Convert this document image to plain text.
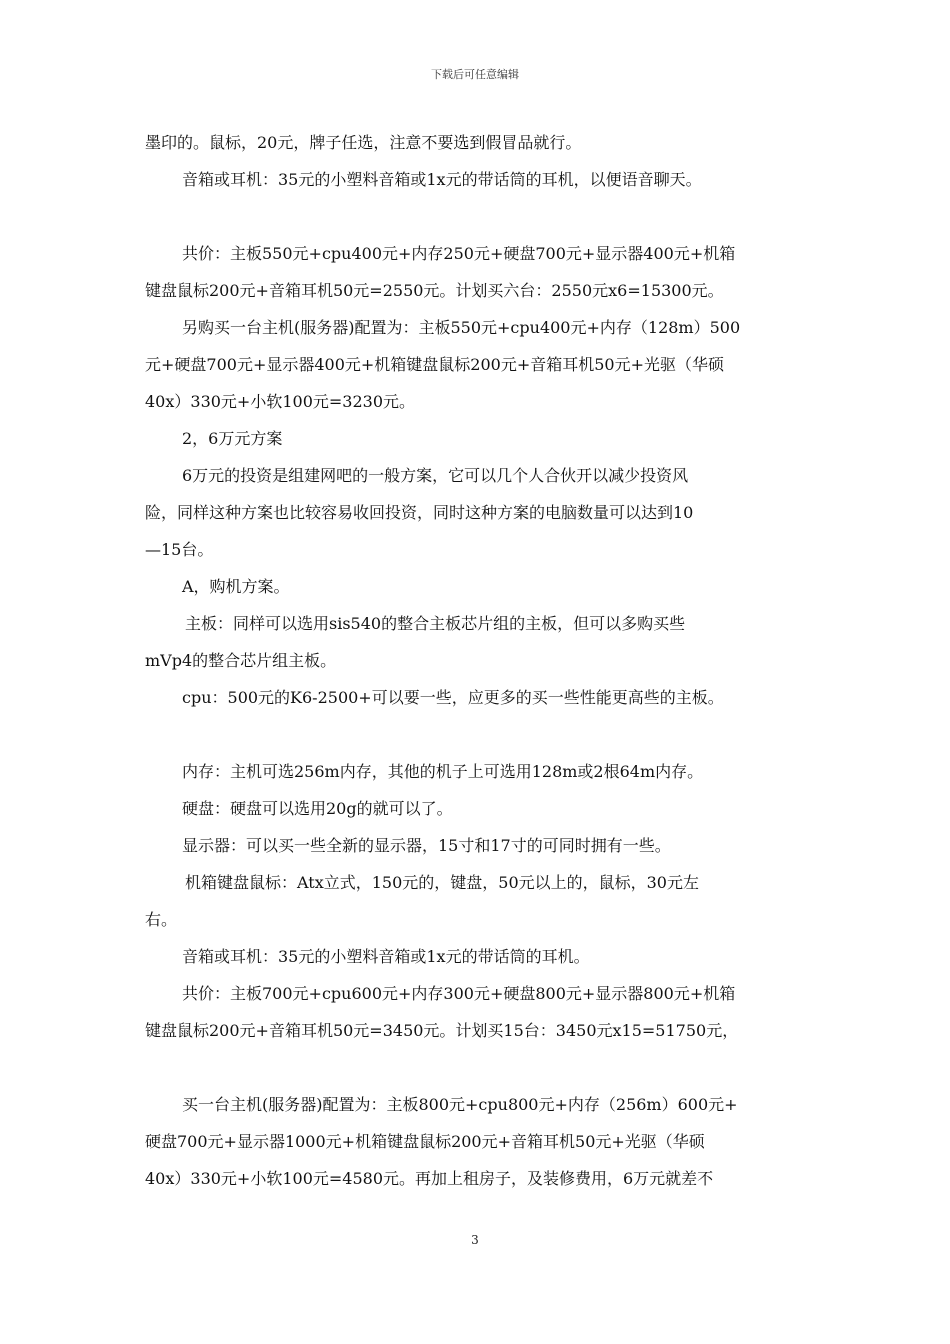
下载后可任意编辑
墨印的。鼠标，20元，牌子任选，注意不要选到假冒品就行。
音箱或耳机：35元的小塑料音箱或1x元的带话筒的耳机，以便语音聊天。
共价：主板550元+cpu400元+内存250元+硬盘700元+显示器400元+机箱
键盘鼠标200元+音箱耳机50元=2550元。计划买六台：2550元x6=15300元。
另购买一台主机(服务器)配置为：主板550元+cpu400元+内存（128m）500
元+硬盘700元+显示器400元+机箱键盘鼠标200元+音箱耳机50元+光驱（华硕
40x）330元+小软100元=3230元。
2，6万元方案
6万元的投资是组建网吧的一般方案，它可以几个人合伙开以减少投资风
险，同样这种方案也比较容易收回投资，同时这种方案的电脑数量可以达到10
—15台。
A，购机方案。
主板：同样可以选用sis540的整合主板芯片组的主板，但可以多购买些
mVp4的整合芯片组主板。
cpu：500元的K6-2500+可以要一些，应更多的买一些性能更高些的主板。
内存：主机可选256m内存，其他的机子上可选用128m或2根64m内存。
硬盘：硬盘可以选用20g的就可以了。
显示器：可以买一些全新的显示器，15寸和17寸的可同时拥有一些。
机箱键盘鼠标：Atx立式，150元的，键盘，50元以上的，鼠标，30元左
右。
音箱或耳机：35元的小塑料音箱或1x元的带话筒的耳机。
共价：主板700元+cpu600元+内存300元+硬盘800元+显示器800元+机箱
键盘鼠标200元+音箱耳机50元=3450元。计划买15台：3450元x15=51750元，
买一台主机(服务器)配置为：主板800元+cpu800元+内存（256m）600元+
硬盘700元+显示器1000元+机箱键盘鼠标200元+音箱耳机50元+光驱（华硕
40x）330元+小软100元=4580元。再加上租房子，及装修费用，6万元就差不
3
